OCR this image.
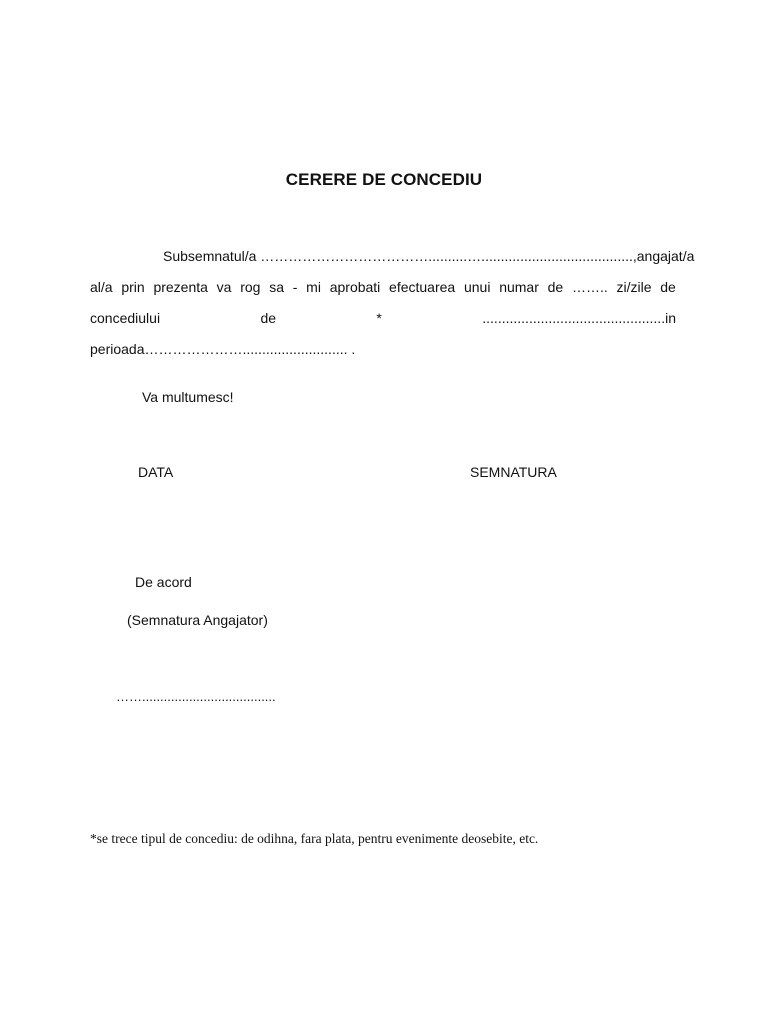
CERERE DE CONCEDIU
Subsemnatul/a ………………………………..........…......................................., angajat/a
al/a prin prezenta va rog sa - mi aprobati efectuarea unui numar de …….. zi/zile de
concediului	de	*	...............................................in
perioada…………………........................... .
Va multumesc!
DATA	SEMNATURA
De acord
(Semnatura Angajator)
…….....................................
*se trece tipul de concediu: de odihna, fara plata, pentru evenimente deosebite, etc.
